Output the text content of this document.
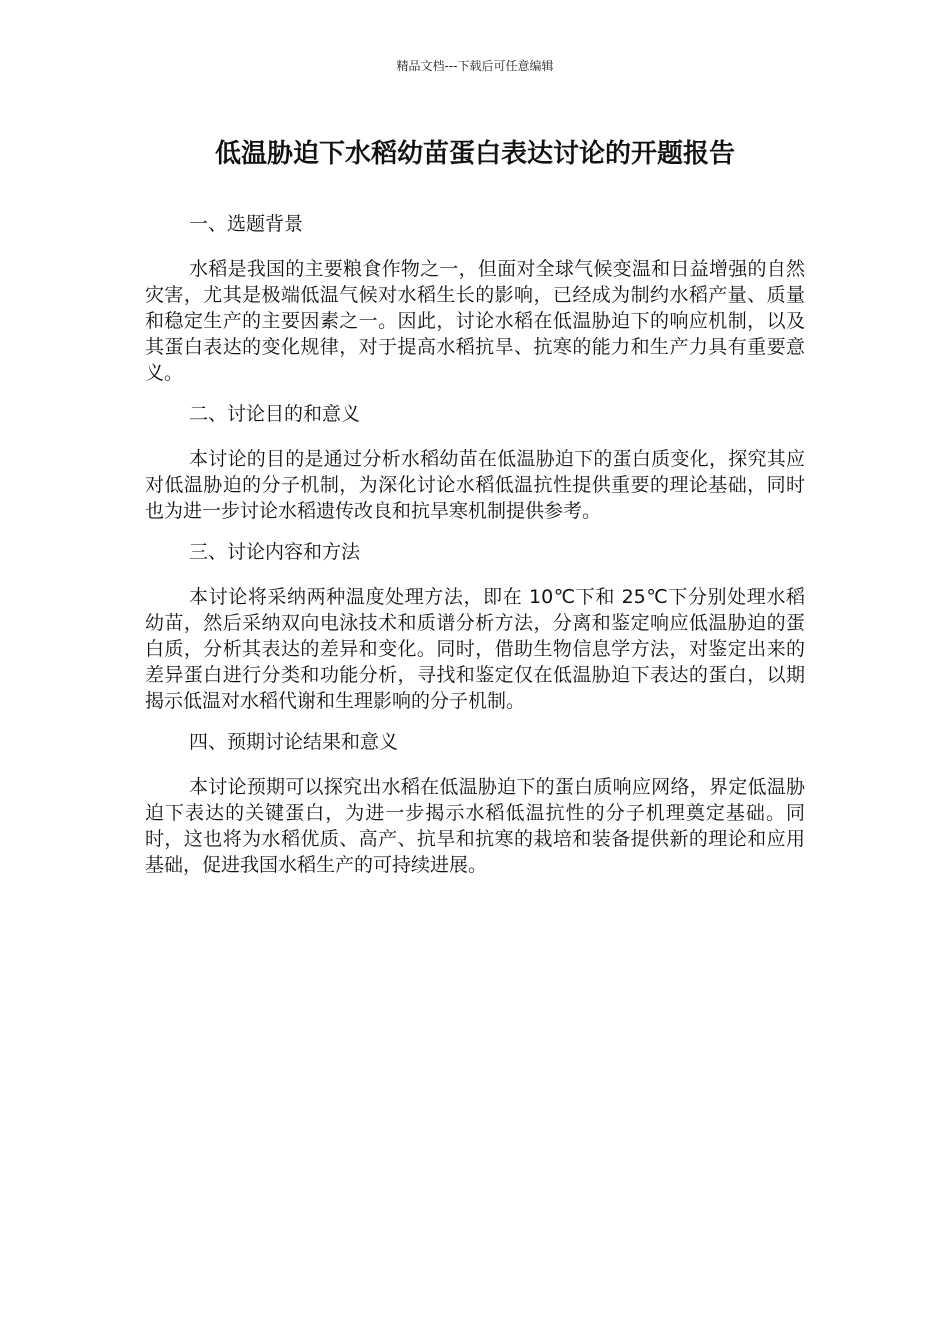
精品文档---下载后可任意编辑
低温胁迫下水稻幼苗蛋白表达讨论的开题报告
一、选题背景

水稻是我国的主要粮食作物之一，但面对全球气候变温和日益增强的自然灾害，尤其是极端低温气候对水稻生长的影响，已经成为制约水稻产量、质量和稳定生产的主要因素之一。因此，讨论水稻在低温胁迫下的响应机制，以及其蛋白表达的变化规律，对于提高水稻抗旱、抗寒的能力和生产力具有重要意义。

二、讨论目的和意义

本讨论的目的是通过分析水稻幼苗在低温胁迫下的蛋白质变化，探究其应对低温胁迫的分子机制，为深化讨论水稻低温抗性提供重要的理论基础，同时也为进一步讨论水稻遗传改良和抗旱寒机制提供参考。

三、讨论内容和方法

本讨论将采纳两种温度处理方法，即在 10℃下和 25℃下分别处理水稻幼苗，然后采纳双向电泳技术和质谱分析方法，分离和鉴定响应低温胁迫的蛋白质，分析其表达的差异和变化。同时，借助生物信息学方法，对鉴定出来的差异蛋白进行分类和功能分析，寻找和鉴定仅在低温胁迫下表达的蛋白，以期揭示低温对水稻代谢和生理影响的分子机制。

四、预期讨论结果和意义

本讨论预期可以探究出水稻在低温胁迫下的蛋白质响应网络，界定低温胁迫下表达的关键蛋白，为进一步揭示水稻低温抗性的分子机理奠定基础。同时，这也将为水稻优质、高产、抗旱和抗寒的栽培和装备提供新的理论和应用基础，促进我国水稻生产的可持续进展。
